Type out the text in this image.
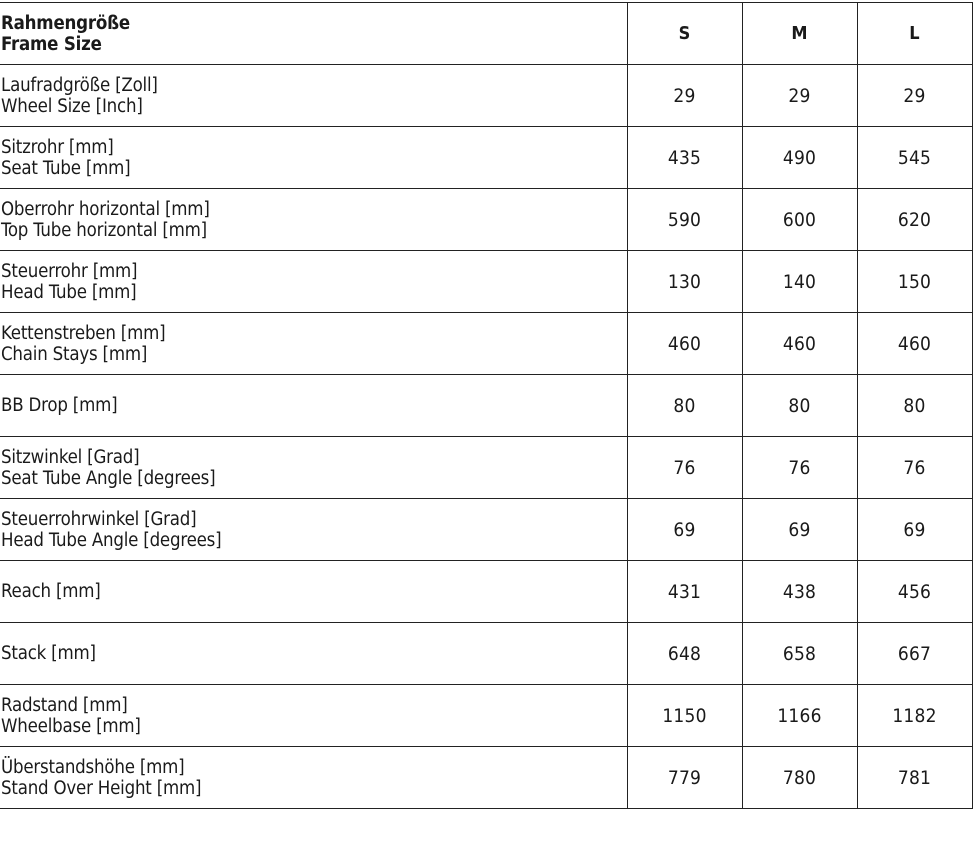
Rahmengröße
Frame Size	S	M	L

Laufradgröße [Zoll]
Wheel Size [Inch]	29	29	29

Sitzrohr [mm]
Seat Tube [mm]	435	490	545

Oberrohr horizontal [mm]
Top Tube horizontal [mm]	590	600	620

Steuerrohr [mm]
Head Tube [mm]	130	140	150

Kettenstreben [mm]
Chain Stays [mm]	460	460	460

BB Drop [mm]	80	80	80

Sitzwinkel [Grad]
Seat Tube Angle [degrees]	76	76	76

Steuerrohrwinkel [Grad]
Head Tube Angle [degrees]	69	69	69

Reach [mm]	431	438	456

Stack [mm]	648	658	667

Radstand [mm]
Wheelbase [mm]	1150	1166	1182

Überstandshöhe [mm]
Stand Over Height [mm]	779	780	781
